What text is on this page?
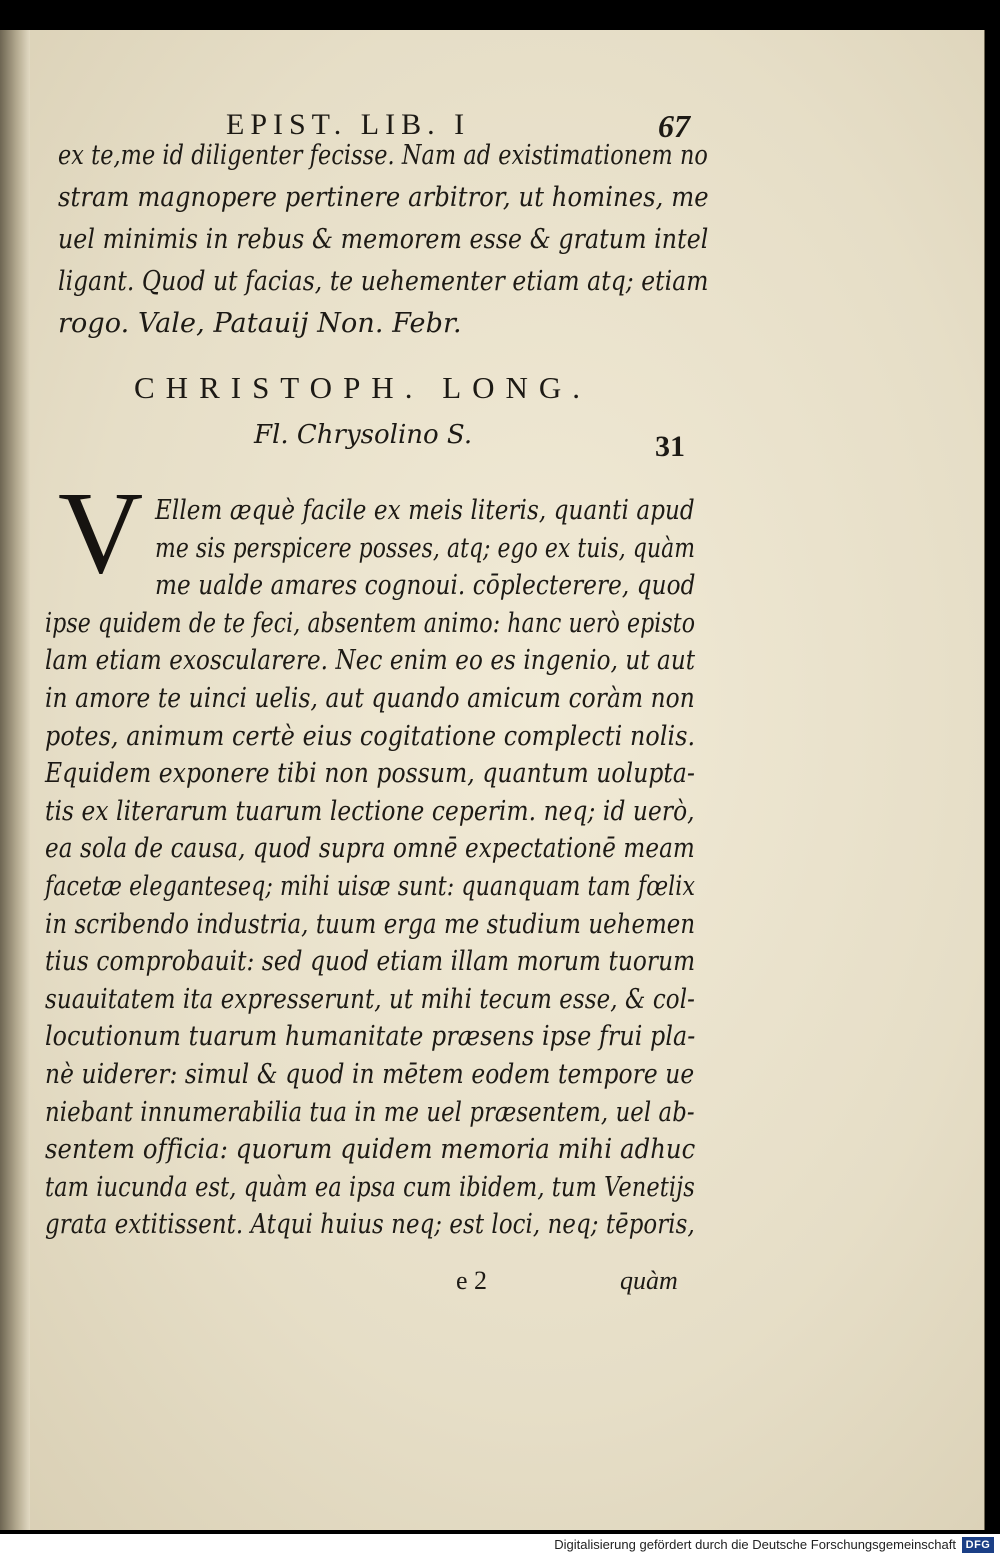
EPIST. LIB. I	67
ex te,me id diligenter fecisse. Nam ad existimationem no
stram magnopere pertinere arbitror, ut homines, me
uel minimis in rebus & memorem esse & gratum intel
ligant. Quod ut facias, te uehementer etiam atq; etiam
rogo. Vale, Patauij Non. Febr.
CHRISTOPH. LONG.
Fl. Chrysolino S.	31
V Ellem æquè facile ex meis literis, quanti apud
me sis perspicere posses, atq; ego ex tuis, quàm
me ualde amares cognoui. cōplecterere, quod
ipse quidem de te feci, absentem animo: hanc uerò episto
lam etiam exoscularere. Nec enim eo es ingenio, ut aut
in amore te uinci uelis, aut quando amicum coràm non
potes, animum certè eius cogitatione complecti nolis.
Equidem exponere tibi non possum, quantum uolupta-
tis ex literarum tuarum lectione ceperim. neq; id uerò,
ea sola de causa, quod supra omnē expectationē meam
facetæ eleganteseq; mihi uisæ sunt: quanquam tam fœlix
in scribendo industria, tuum erga me studium uehemen
tius comprobauit: sed quod etiam illam morum tuorum
suauitatem ita expresserunt, ut mihi tecum esse, & col-
locutionum tuarum humanitate præsens ipse frui pla-
nè uiderer: simul & quod in mētem eodem tempore ue
niebant innumerabilia tua in me uel præsentem, uel ab-
sentem officia: quorum quidem memoria mihi adhuc
tam iucunda est, quàm ea ipsa cum ibidem, tum Venetijs
grata extitissent. Atqui huius neq; est loci, neq; tēporis,
e 2	quàm
Digitalisierung gefördert durch die Deutsche Forschungsgemeinschaft DFG
